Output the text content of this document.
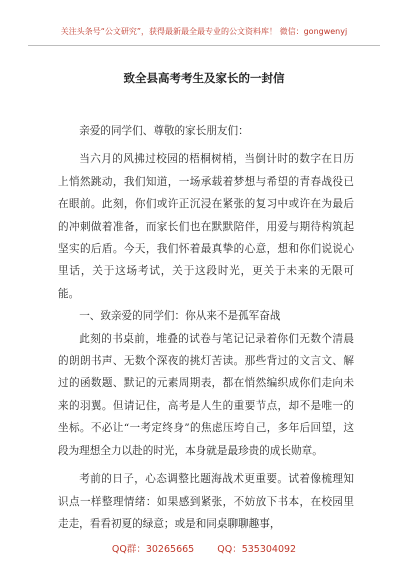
关注头条号“公文研究”，获得最新最全最专业的公文资料库！ 微信：gongwenyj
致全县高考考生及家长的一封信

亲爱的同学们、尊敬的家长朋友们：

当六月的风拂过校园的梧桐树梢，当倒计时的数字在日历上悄然跳动，我们知道，一场承载着梦想与希望的青春战役已在眼前。此刻，你们或许正沉浸在紧张的复习中或许在为最后的冲刺做着准备，而家长们也在默默陪伴，用爱与期待构筑起坚实的后盾。今天，我们怀着最真挚的心意，想和你们说说心里话，关于这场考试，关于这段时光，更关于未来的无限可能。

一、致亲爱的同学们：你从来不是孤军奋战

此刻的书桌前，堆叠的试卷与笔记记录着你们无数个清晨的朗朗书声、无数个深夜的挑灯苦读。那些背过的文言文、解过的函数题、默记的元素周期表，都在悄然编织成你们走向未来的羽翼。但请记住，高考是人生的重要节点，却不是唯一的坐标。不必让“一考定终身”的焦虑压垮自己，多年后回望，这段为理想全力以赴的时光，本身就是最珍贵的成长勋章。

考前的日子，心态调整比题海战术更重要。试着像梳理知识点一样整理情绪：如果感到紧张，不妨放下书本，在校园里走走，看看初夏的绿意；或是和同桌聊聊趣事，

QQ群：30265665 QQ：535304092
